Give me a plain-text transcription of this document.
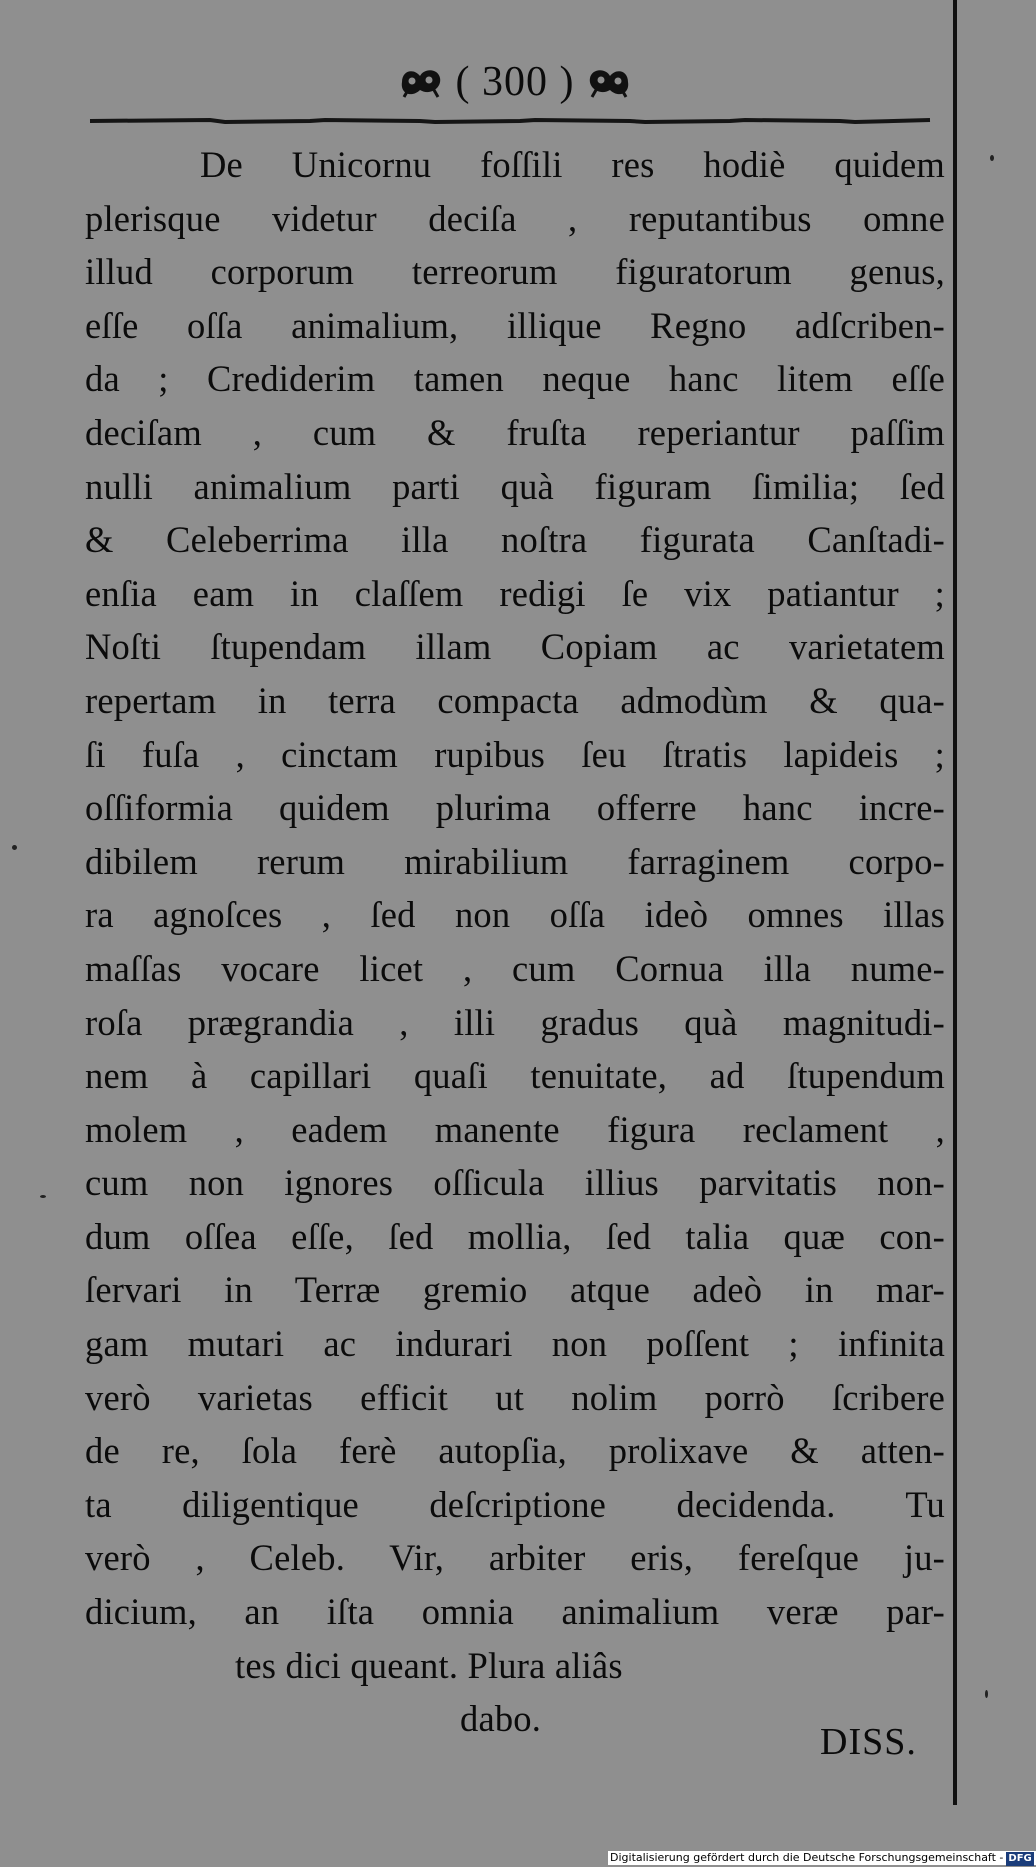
( 300 )
De Unicornu foſſili res hodiè quidem
plerisque videtur deciſa , reputantibus omne
illud corporum terreorum figuratorum genus,
eſſe oſſa animalium, illique Regno adſcriben-
da ; Crediderim tamen neque hanc litem eſſe
deciſam , cum & fruſta reperiantur paſſim
nulli animalium parti quà figuram ſimilia; ſed
& Celeberrima illa noſtra figurata Canſtadi-
enſia eam in claſſem redigi ſe vix patiantur ;
Noſti ſtupendam illam Copiam ac varietatem
repertam in terra compacta admodùm & qua-
ſi fuſa , cinctam rupibus ſeu ſtratis lapideis ;
oſſiformia quidem plurima offerre hanc incre-
dibilem rerum mirabilium farraginem corpo-
ra agnoſces , ſed non oſſa ideò omnes illas
maſſas vocare licet , cum Cornua illa nume-
roſa prægrandia , illi gradus quà magnitudi-
nem à capillari quaſi tenuitate, ad ſtupendum
molem , eadem manente figura reclament ,
cum non ignores oſſicula illius parvitatis non-
dum oſſea eſſe, ſed mollia, ſed talia quæ con-
ſervari in Terræ gremio atque adeò in mar-
gam mutari ac indurari non poſſent ; infinita
verò varietas efficit ut nolim porrò ſcribere
de re, ſola ferè autopſia, prolixave & atten-
ta diligentique deſcriptione decidenda. Tu
verò , Celeb. Vir, arbiter eris, fereſque ju-
dicium, an iſta omnia animalium veræ par-
tes dici queant. Plura aliâs
dabo.
DISS.
Digitalisierung gefördert durch die Deutsche Forschungsgemeinschaft - DFG
